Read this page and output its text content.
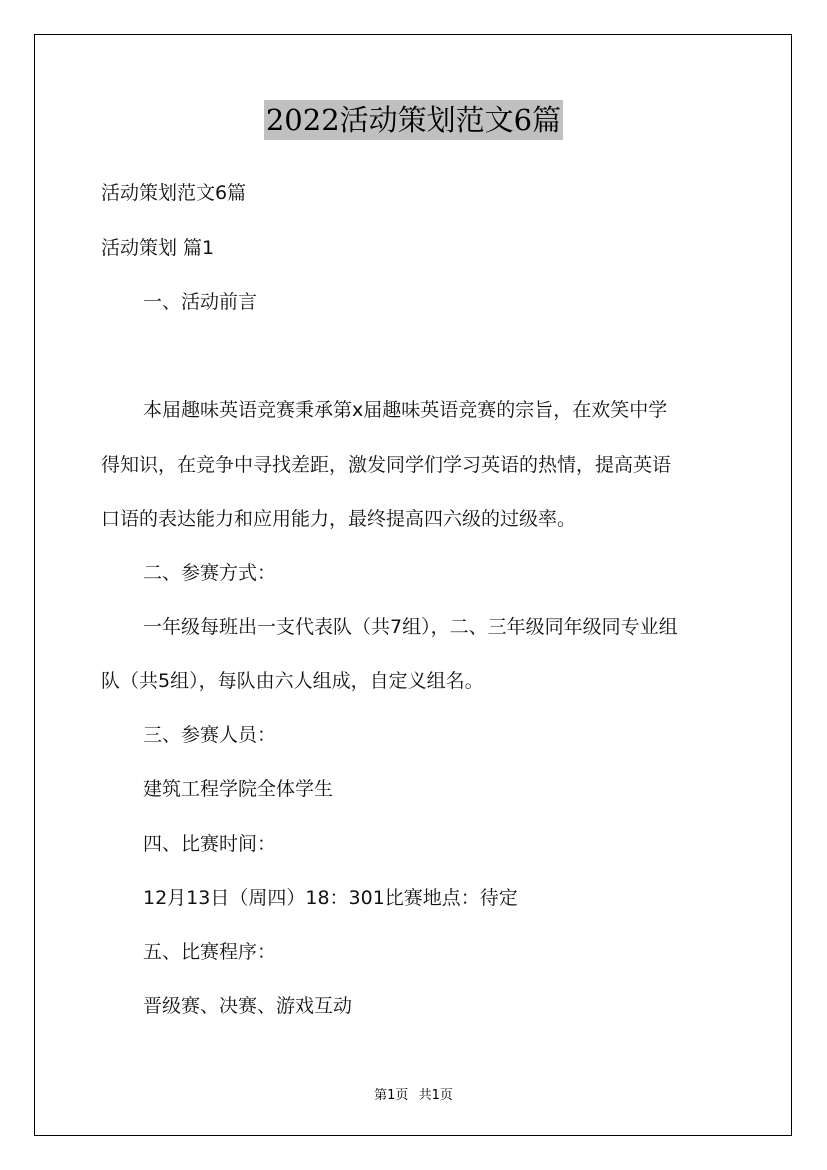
2022活动策划范文6篇
活动策划范文6篇
活动策划 篇1
一、活动前言
本届趣味英语竞赛秉承第x届趣味英语竞赛的宗旨，在欢笑中学
得知识，在竞争中寻找差距，激发同学们学习英语的热情，提高英语
口语的表达能力和应用能力，最终提高四六级的过级率。
二、参赛方式：
一年级每班出一支代表队（共7组），二、三年级同年级同专业组
队（共5组），每队由六人组成，自定义组名。
三、参赛人员：
建筑工程学院全体学生
四、比赛时间：
12月13日（周四）18：301比赛地点：待定
五、比赛程序：
晋级赛、决赛、游戏互动
第1页 共1页
